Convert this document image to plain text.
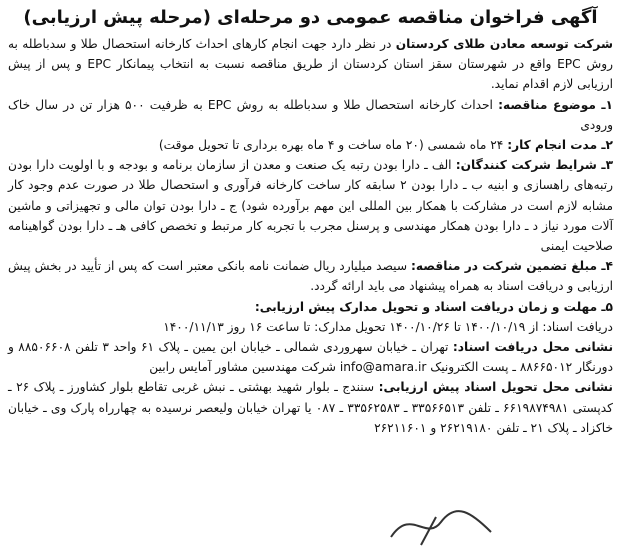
آگهی فراخوان مناقصه عمومی دو مرحله‌ای (مرحله پیش ارزیابی)

شرکت توسعه معادن طلای کردستان در نظر دارد جهت انجام کارهای احداث کارخانه استحصال طلا و سدباطله به روش EPC واقع در شهرستان سقز استان کردستان از طریق مناقصه نسبت به انتخاب پیمانکار EPC و پس از پیش ارزیابی لازم اقدام نماید.

۱ـ موضوع مناقصه: احداث کارخانه استحصال طلا و سدباطله به روش EPC به ظرفیت ۵۰۰ هزار تن در سال خاک ورودی

۲ـ مدت انجام کار: ۲۴ ماه شمسی (۲۰ ماه ساخت و ۴ ماه بهره برداری تا تحویل موقت)

۳ـ شرایط شرکت کنندگان: الف ـ دارا بودن رتبه یک صنعت و معدن از سازمان برنامه و بودجه و با اولویت دارا بودن رتبه‌های راهسازی و ابنیه ب ـ دارا بودن ۲ سابقه کار ساخت کارخانه فرآوری و استحصال طلا در صورت عدم وجود کار مشابه لازم است در مشارکت با همکار بین المللی این مهم برآورده شود) ج ـ دارا بودن توان مالی و تجهیزاتی و ماشین آلات مورد نیاز د ـ دارا بودن همکار مهندسی و پرسنل مجرب با تجربه کار مرتبط و تخصص کافی هـ ـ دارا بودن گواهینامه صلاحیت ایمنی

۴ـ مبلغ تضمین شرکت در مناقصه: سیصد میلیارد ریال ضمانت نامه بانکی معتبر است که پس از تأیید در بخش پیش ارزیابی و دریافت اسناد به همراه پیشنهاد می باید ارائه گردد.

۵ـ مهلت و زمان دریافت اسناد و تحویل مدارک پیش ارزیابی:

دریافت اسناد: از ۱۴۰۰/۱۰/۱۹ تا ۱۴۰۰/۱۰/۲۶ تحویل مدارک: تا ساعت ۱۶ روز ۱۴۰۰/۱۱/۱۳

نشانی محل دریافت اسناد: تهران ـ خیابان سهروردی شمالی ـ خیابان ابن یمین ـ پلاک ۶۱ واحد ۳ تلفن ۸۸۵۰۶۶۰۸ و دورنگار ۸۸۶۶۵۰۱۲ ـ پست الکترونیک info@amara.ir شرکت مهندسین مشاور آمایس رابین

نشانی محل تحویل اسناد پیش ارزیابی: سنندج ـ بلوار شهید بهشتی ـ نبش غربی تقاطع بلوار کشاورز ـ پلاک ۲۶ ـ کدپستی ۶۶۱۹۸۷۴۹۸۱ ـ تلفن ۳۳۵۶۶۵۱۳ ـ ۳۳۵۶۲۵۸۳ ـ ۰۸۷ یا تهران خیابان ولیعصر نرسیده به چهارراه پارک وی ـ خیابان خاکزاد ـ پلاک ۲۱ ـ تلفن ۲۶۲۱۹۱۸۰ و ۲۶۲۱۱۶۰۱
